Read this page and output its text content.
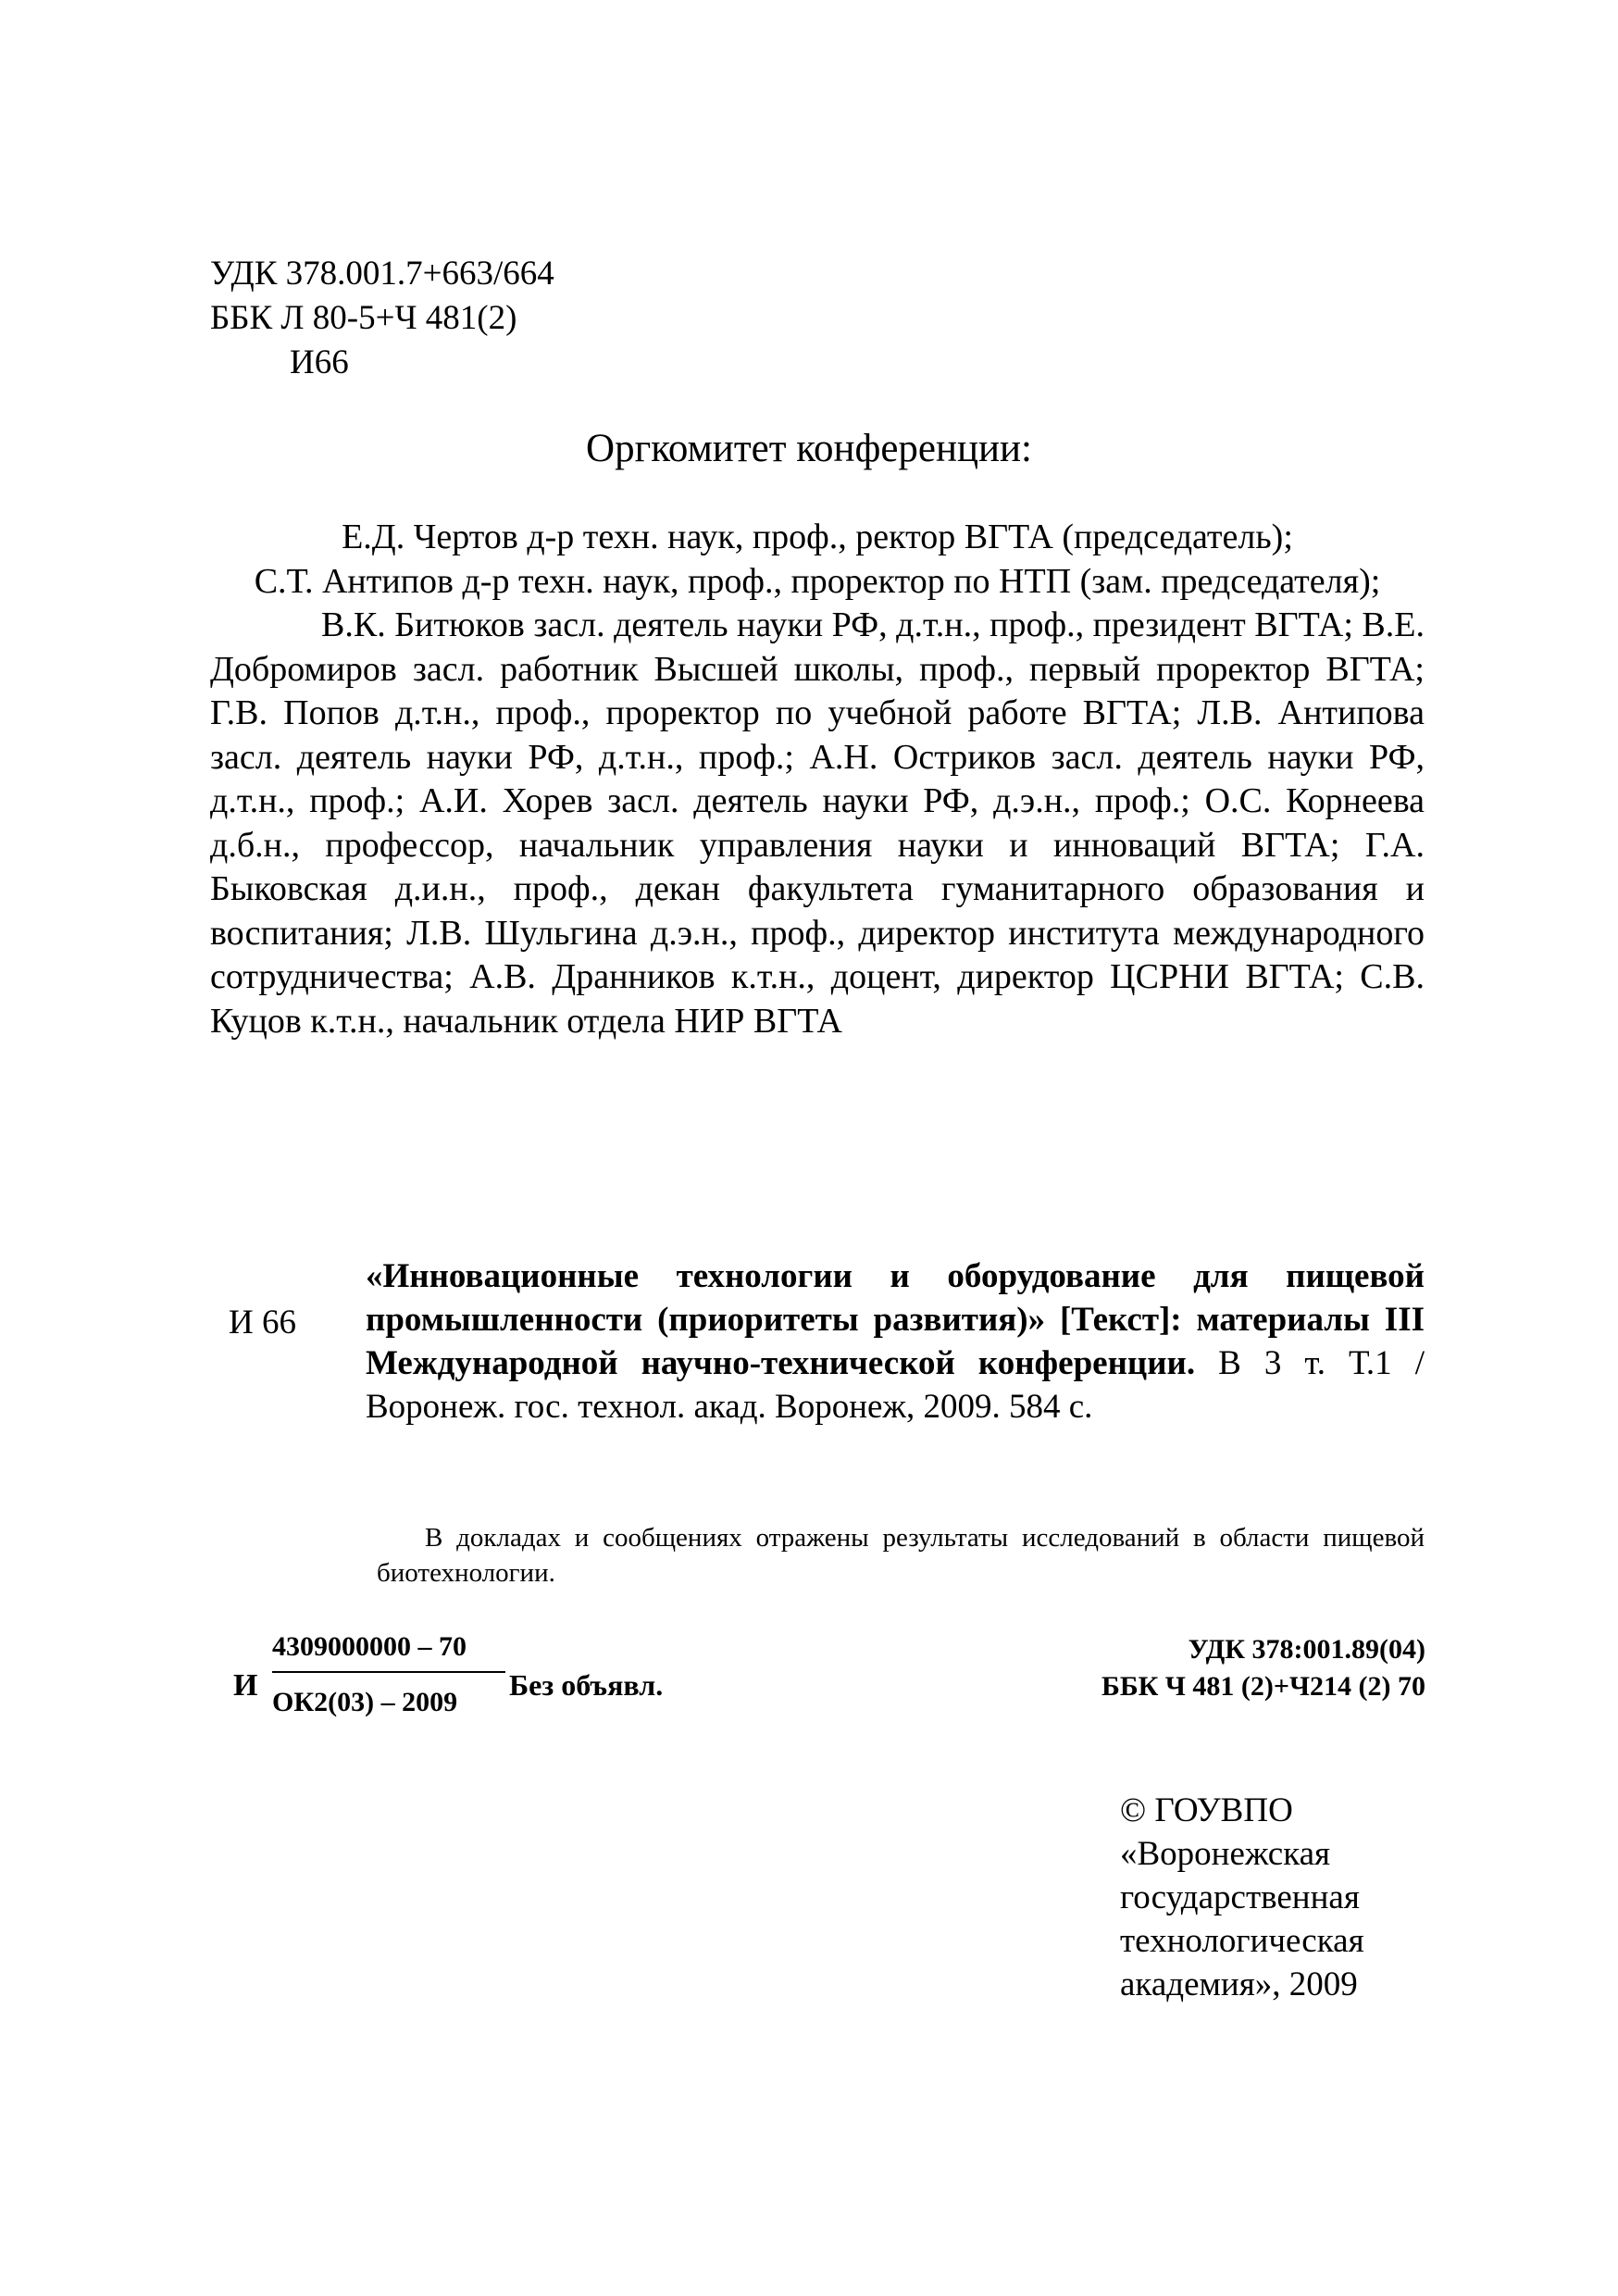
УДК 378.001.7+663/664
ББК Л 80-5+Ч 481(2)
И66
Оргкомитет конференции:
Е.Д. Чертов д-р техн. наук, проф., ректор ВГТА (председатель);
С.Т. Антипов д-р техн. наук, проф., проректор по НТП (зам. председателя);

В.К. Битюков засл. деятель науки РФ, д.т.н., проф., президент ВГТА; В.Е. Добромиров засл. работник Высшей школы, проф., первый проректор ВГТА; Г.В. Попов д.т.н., проф., проректор по учебной работе ВГТА; Л.В. Антипова засл. деятель науки РФ, д.т.н., проф.; А.Н. Остриков засл. деятель науки РФ, д.т.н., проф.; А.И. Хорев засл. деятель науки РФ, д.э.н., проф.; О.С. Корнеева д.б.н., профессор, начальник управления науки и инноваций ВГТА; Г.А. Быковская д.и.н., проф., декан факультета гуманитарного образования и воспитания; Л.В. Шульгина д.э.н., проф., директор института международного сотрудничества; А.В. Дранников к.т.н., доцент, директор ЦСРНИ ВГТА; С.В. Куцов к.т.н., начальник отдела НИР ВГТА

И 66

«Инновационные технологии и оборудование для пищевой промышленности (приоритеты развития)» [Текст]: материалы III Международной научно-технической конференции. В 3 т. Т.1 / Воронеж. гос. технол. акад. Воронеж, 2009. 584 с.

В докладах и сообщениях отражены результаты исследований в области пищевой биотехнологии.

И
4309000000 – 70
ОК2(03) – 2009
Без объявл.
УДК 378:001.89(04)
ББК Ч 481 (2)+Ч214 (2) 70
© ГОУВПО
«Воронежская
государственная
технологическая
академия», 2009
